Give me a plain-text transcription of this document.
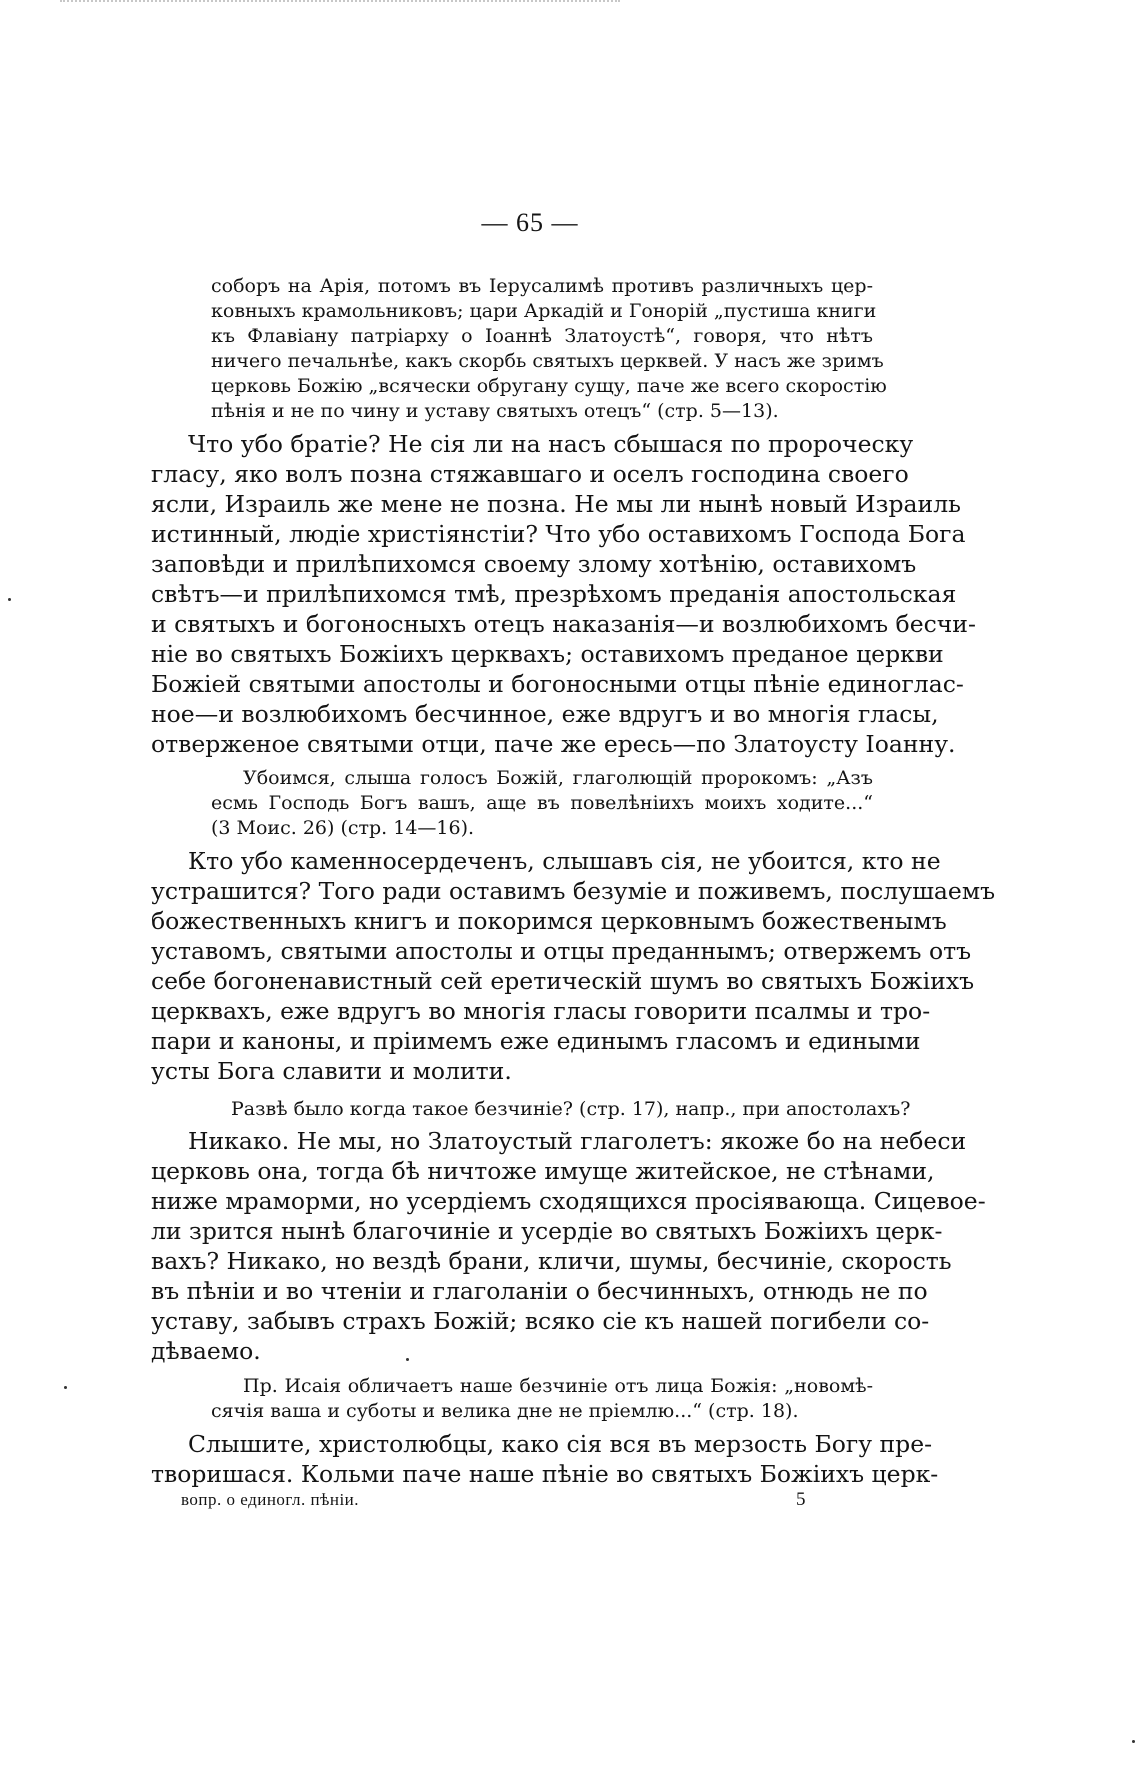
— 65 —
соборъ на Арія, потомъ въ Іерусалимѣ противъ различныхъ цер-
ковныхъ крамольниковъ; цари Аркадій и Гонорій „пустиша книги
къ Флавіану патріарху о Іоаннѣ Златоустѣ“, говоря, что нѣтъ
ничего печальнѣе, какъ скорбь святыхъ церквей. У насъ же зримъ
церковь Божію „всячески обругану сущу, паче же всего скоростію
пѣнія и не по чину и уставу святыхъ отецъ“ (стр. 5—13).
Что убо братіе? Не сія ли на насъ сбышася по пророческу
гласу, яко волъ позна стяжавшаго и оселъ господина своего
ясли, Израиль же мене не позна. Не мы ли нынѣ новый Израиль
истинный, людіе христіянстіи? Что убо оставихомъ Господа Бога
заповѣди и прилѣпихомся своему злому хотѣнію, оставихомъ
свѣтъ—и прилѣпихомся тмѣ, презрѣхомъ преданія апостольская
и святыхъ и богоносныхъ отецъ наказанія—и возлюбихомъ бесчи-
ніе во святыхъ Божіихъ церквахъ; оставихомъ преданое церкви
Божіей святыми апостолы и богоносными отцы пѣніе единоглас-
ное—и возлюбихомъ бесчинное, еже вдругъ и во многія гласы,
отверженое святыми отци, паче же ересь—по Златоусту Іоанну.
Убоимся, слыша голосъ Божій, глаголющій пророкомъ: „Азъ
есмь Господь Богъ вашъ, аще въ повелѣніихъ моихъ ходите...“
(3 Моис. 26) (стр. 14—16).
Кто убо каменносердеченъ, слышавъ сія, не убоится, кто не
устрашится? Того ради оставимъ безуміе и поживемъ, послушаемъ
божественныхъ книгъ и покоримся церковнымъ божественымъ
уставомъ, святыми апостолы и отцы преданнымъ; отвержемъ отъ
себе богоненавистный сей еретическій шумъ во святыхъ Божіихъ
церквахъ, еже вдругъ во многія гласы говорити псалмы и тро-
пари и каноны, и пріимемъ еже единымъ гласомъ и едиными
усты Бога славити и молити.
Развѣ было когда такое безчиніе? (стр. 17), напр., при апостолахъ?
Никако. Не мы, но Златоустый глаголетъ: якоже бо на небеси
церковь она, тогда бѣ ничтоже имуще житейское, не стѣнами,
ниже мраморми, но усердіемъ сходящихся просіявающа. Сицевое-
ли зрится нынѣ благочиніе и усердіе во святыхъ Божіихъ церк-
вахъ? Никако, но вездѣ брани, кличи, шумы, бесчиніе, скорость
въ пѣніи и во чтеніи и глаголаніи о бесчинныхъ, отнюдь не по
уставу, забывъ страхъ Божій; всяко сіе къ нашей погибели со-
дѣваемо.
Пр. Исаія обличаетъ наше безчиніе отъ лица Божія: „новомѣ-
сячія ваша и суботы и велика дне не пріемлю...“ (стр. 18).
Слышите, христолюбцы, како сія вся въ мерзость Богу пре-
творишася. Кольми паче наше пѣніе во святыхъ Божіихъ церк-
вопр. о единогл. пѣніи.	5
